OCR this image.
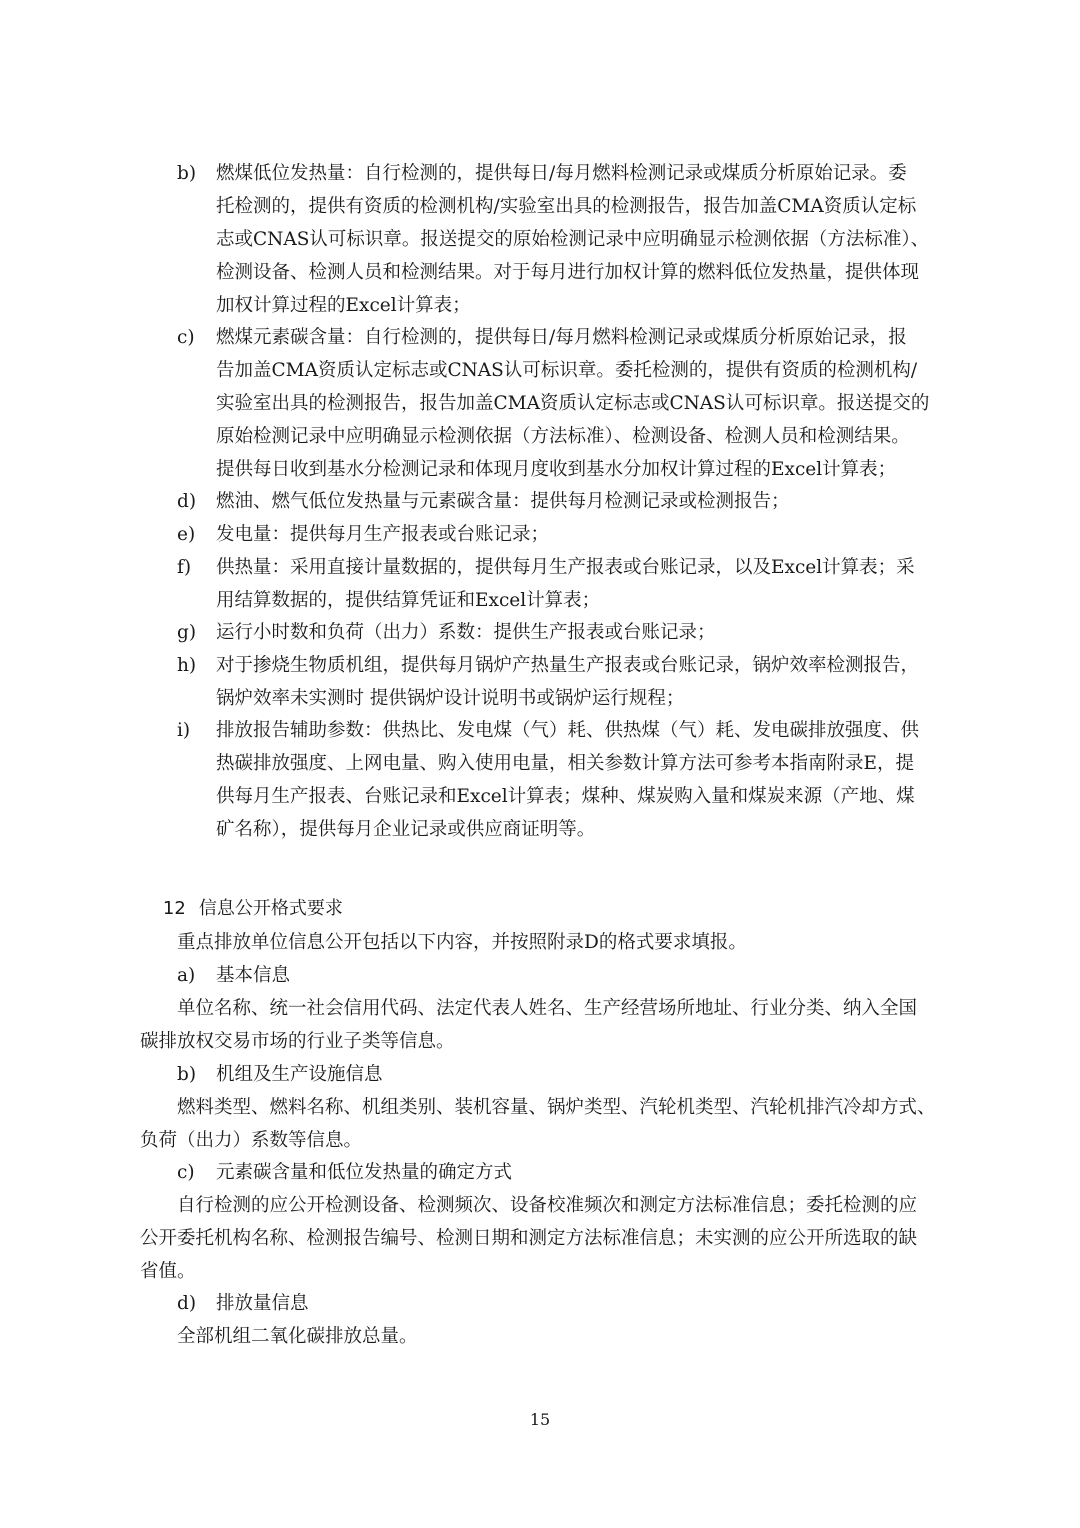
b) 燃煤低位发热量：自行检测的，提供每日/每月燃料检测记录或煤质分析原始记录。委
托检测的，提供有资质的检测机构/实验室出具的检测报告，报告加盖CMA资质认定标
志或CNAS认可标识章。报送提交的原始检测记录中应明确显示检测依据（方法标准）、
检测设备、检测人员和检测结果。对于每月进行加权计算的燃料低位发热量，提供体现
加权计算过程的Excel计算表；
c) 燃煤元素碳含量：自行检测的，提供每日/每月燃料检测记录或煤质分析原始记录，报
告加盖CMA资质认定标志或CNAS认可标识章。委托检测的，提供有资质的检测机构/
实验室出具的检测报告，报告加盖CMA资质认定标志或CNAS认可标识章。报送提交的
原始检测记录中应明确显示检测依据（方法标准）、检测设备、检测人员和检测结果。
提供每日收到基水分检测记录和体现月度收到基水分加权计算过程的Excel计算表；
d) 燃油、燃气低位发热量与元素碳含量：提供每月检测记录或检测报告；
e) 发电量：提供每月生产报表或台账记录；
f) 供热量：采用直接计量数据的，提供每月生产报表或台账记录，以及Excel计算表；采
用结算数据的，提供结算凭证和Excel计算表；
g) 运行小时数和负荷（出力）系数：提供生产报表或台账记录；
h) 对于掺烧生物质机组，提供每月锅炉产热量生产报表或台账记录，锅炉效率检测报告，
锅炉效率未实测时 提供锅炉设计说明书或锅炉运行规程；
i) 排放报告辅助参数：供热比、发电煤（气）耗、供热煤（气）耗、发电碳排放强度、供
热碳排放强度、上网电量、购入使用电量，相关参数计算方法可参考本指南附录E，提
供每月生产报表、台账记录和Excel计算表；煤种、煤炭购入量和煤炭来源（产地、煤
矿名称），提供每月企业记录或供应商证明等。

12 信息公开格式要求

重点排放单位信息公开包括以下内容，并按照附录D的格式要求填报。
a) 基本信息
单位名称、统一社会信用代码、法定代表人姓名、生产经营场所地址、行业分类、纳入全国
碳排放权交易市场的行业子类等信息。
b) 机组及生产设施信息
燃料类型、燃料名称、机组类别、装机容量、锅炉类型、汽轮机类型、汽轮机排汽冷却方式、
负荷（出力）系数等信息。
c) 元素碳含量和低位发热量的确定方式
自行检测的应公开检测设备、检测频次、设备校准频次和测定方法标准信息；委托检测的应
公开委托机构名称、检测报告编号、检测日期和测定方法标准信息；未实测的应公开所选取的缺
省值。
d) 排放量信息
全部机组二氧化碳排放总量。
15
